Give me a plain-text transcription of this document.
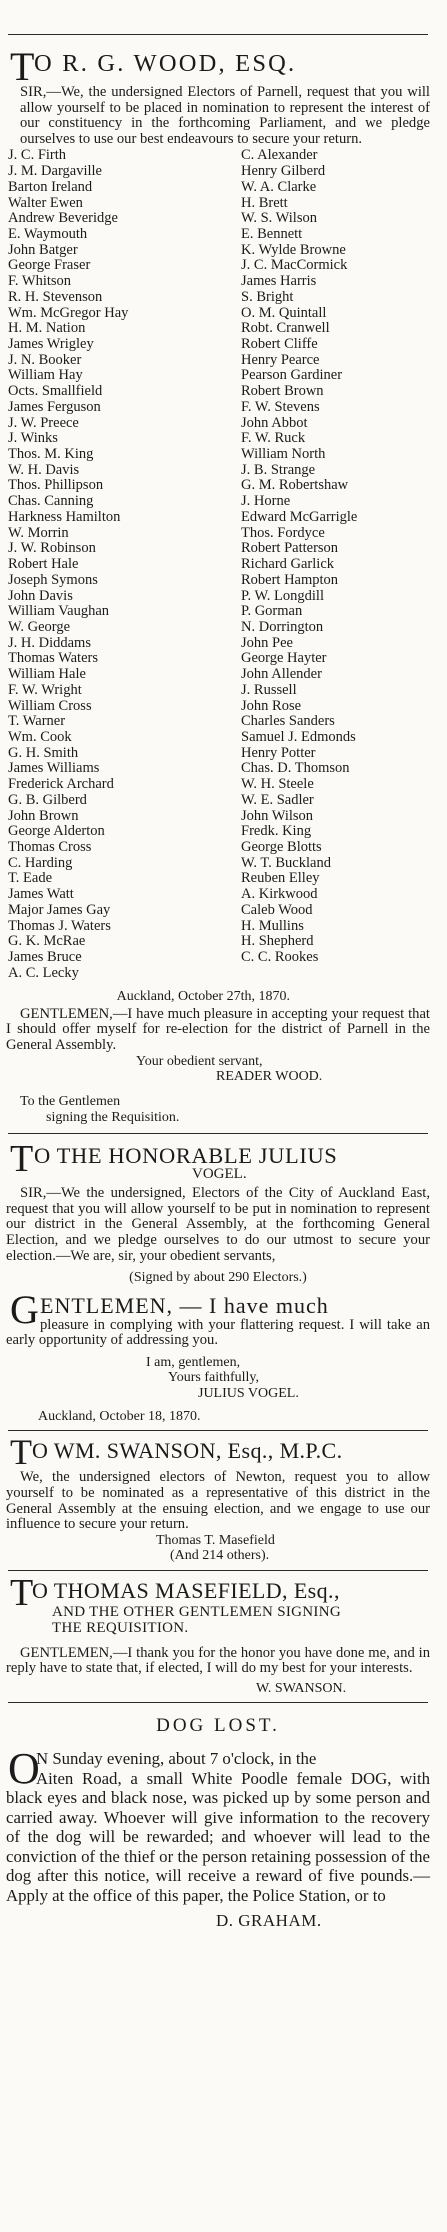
T
O R. G. WOOD, ESQ.

SIR,—We, the undersigned Electors of Parnell, request that you will allow yourself to be placed in nomination to represent the interest of our constituency in the forthcoming Parliament, and we pledge ourselves to use our best endeavours to secure your return.

J. C. Firth
J. M. Dargaville
Barton Ireland
Walter Ewen
Andrew Beveridge
E. Waymouth
John Batger
George Fraser
F. Whitson
R. H. Stevenson
Wm. McGregor Hay
H. M. Nation
James Wrigley
J. N. Booker
William Hay
Octs. Smallfield
James Ferguson
J. W. Preece
J. Winks
Thos. M. King
W. H. Davis
Thos. Phillipson
Chas. Canning
Harkness Hamilton
W. Morrin
J. W. Robinson
Robert Hale
Joseph Symons
John Davis
William Vaughan
W. George
J. H. Diddams
Thomas Waters
William Hale
F. W. Wright
William Cross
T. Warner
Wm. Cook
G. H. Smith
James Williams
Frederick Archard
G. B. Gilberd
John Brown
George Alderton
Thomas Cross
C. Harding
T. Eade
James Watt
Major James Gay
Thomas J. Waters
G. K. McRae
James Bruce
A. C. Lecky
C. Alexander
Henry Gilberd
W. A. Clarke
H. Brett
W. S. Wilson
E. Bennett
K. Wylde Browne
J. C. MacCormick
James Harris
S. Bright
O. M. Quintall
Robt. Cranwell
Robert Cliffe
Henry Pearce
Pearson Gardiner
Robert Brown
F. W. Stevens
John Abbot
F. W. Ruck
William North
J. B. Strange
G. M. Robertshaw
J. Horne
Edward McGarrigle
Thos. Fordyce
Robert Patterson
Richard Garlick
Robert Hampton
P. W. Longdill
P. Gorman
N. Dorrington
John Pee
George Hayter
John Allender
J. Russell
John Rose
Charles Sanders
Samuel J. Edmonds
Henry Potter
Chas. D. Thomson
W. H. Steele
W. E. Sadler
John Wilson
Fredk. King
George Blotts
W. T. Buckland
Reuben Elley
A. Kirkwood
Caleb Wood
H. Mullins
H. Shepherd
C. C. Rookes

Auckland, October 27th, 1870.

GENTLEMEN,—I have much pleasure in accepting your request that I should offer myself for re-election for the district of Parnell in the General Assembly.

Your obedient servant,

READER WOOD.

To the Gentlemen

signing the Requisition.

T O THE HONORABLE JULIUS
VOGEL.

SIR,—We the undersigned, Electors of the City of Auckland East, request that you will allow yourself to be put in nomination to represent our district in the General Assembly, at the forthcoming General Election, and we pledge ourselves to do our utmost to secure your election.—We are, sir, your obedient servants,

(Signed by about 290 Electors.)

G ENTLEMEN, — I have much

pleasure in complying with your flattering request. I will take an early opportunity of addressing you.

I am, gentlemen,

Yours faithfully,

JULIUS VOGEL.

Auckland, October 18, 1870.

T O WM. SWANSON, Esq., M.P.C.

We, the undersigned electors of Newton, request you to allow yourself to be nominated as a representative of this district in the General Assembly at the ensuing election, and we engage to use our influence to secure your return.

Thomas T. Masefield

(And 214 others).

T
O THOMAS MASEFIELD, Esq.,
AND THE OTHER GENTLEMEN SIGNING
THE REQUISITION.

GENTLEMEN,—I thank you for the honor you have done me, and in reply have to state that, if elected, I will do my best for your interests.

W. SWANSON.

DOG LOST.

O

N Sunday evening, about 7 o'clock, in the

Aiten Road, a small White Poodle female DOG, with black eyes and black nose, was picked up by some person and carried away. Whoever will give information to the recovery of the dog will be rewarded; and whoever will lead to the conviction of the thief or the person retaining possession of the dog after this notice, will receive a reward of five pounds.—Apply at the office of this paper, the Police Station, or to

D. GRAHAM.
